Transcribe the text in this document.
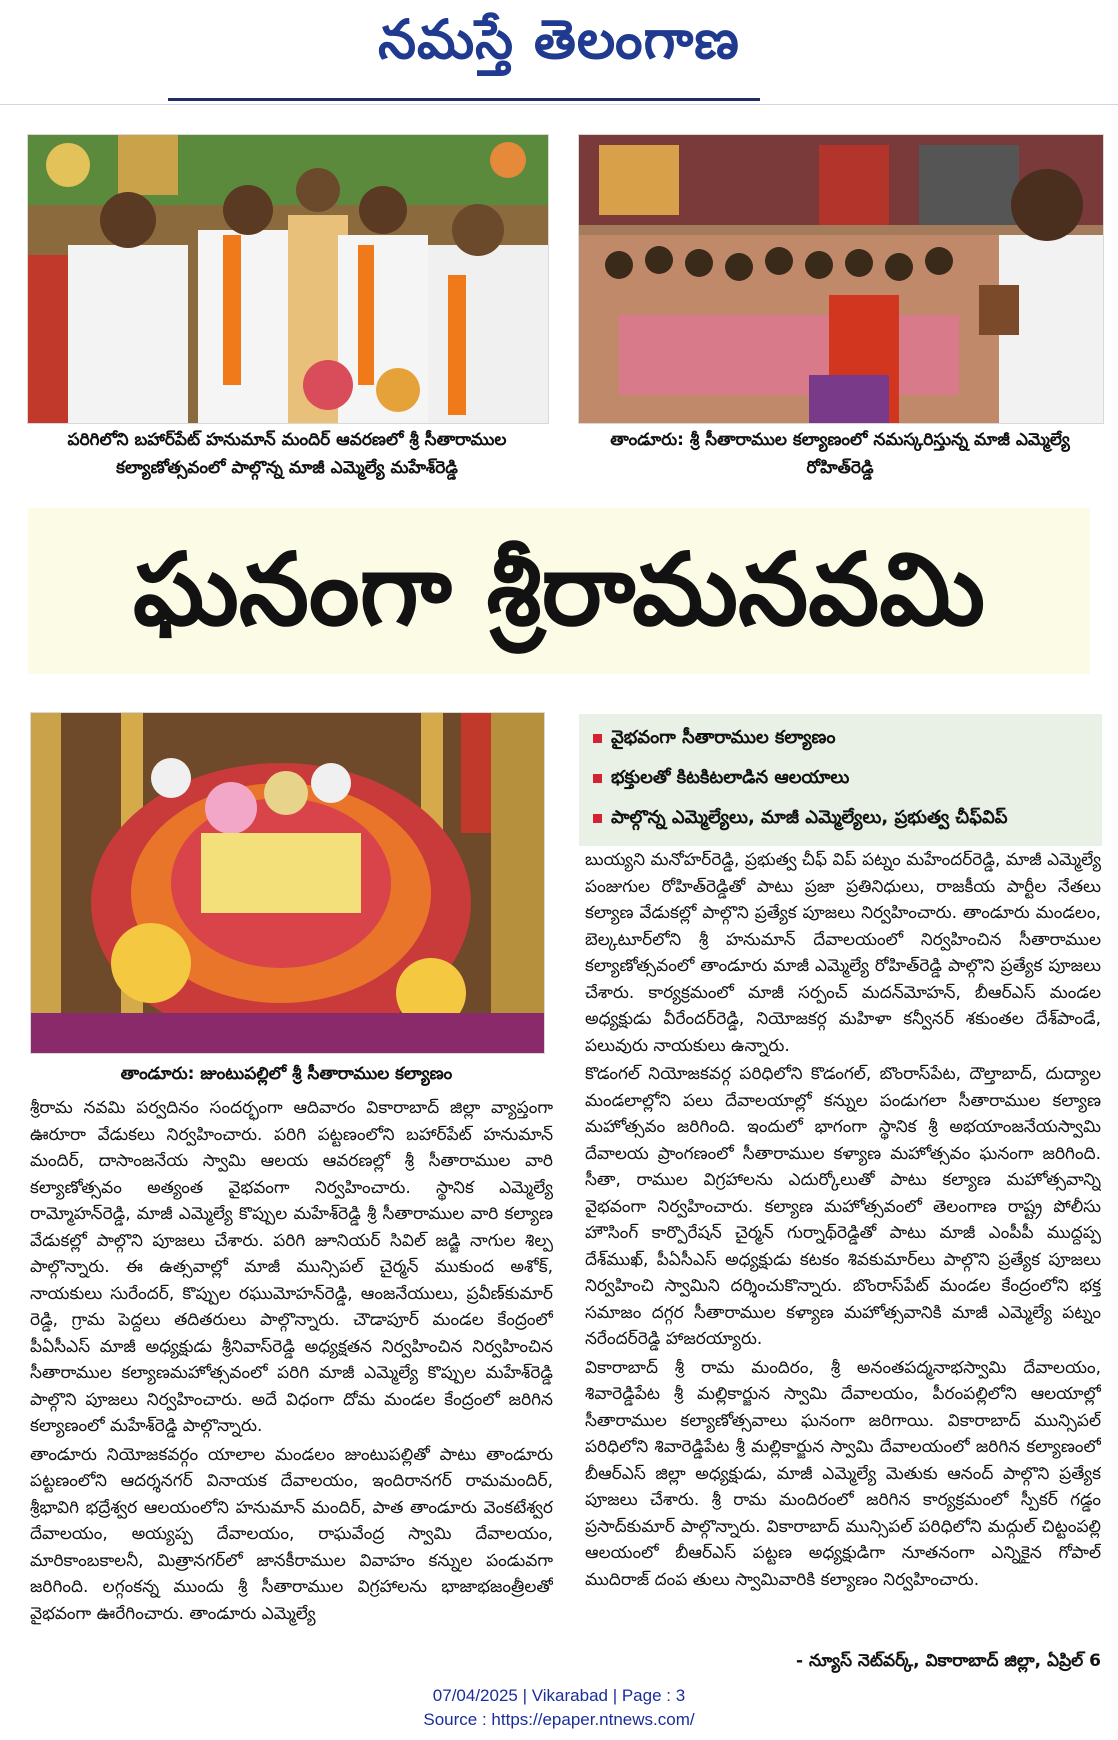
నమస్తే తెలంగాణ
పరిగిలోని బహార్‌పేట్ హనుమాన్ మందిర్ ఆవరణలో శ్రీ సీతారాముల కల్యాణోత్సవంలో పాల్గొన్న మాజీ ఎమ్మెల్యే మహేశ్‌రెడ్డి
తాండూరు: శ్రీ సీతారాముల కల్యాణంలో నమస్కరిస్తున్న మాజీ ఎమ్మెల్యే రోహిత్‌రెడ్డి
ఘనంగా శ్రీరామనవమి
తాండూరు: జుంటుపల్లిలో శ్రీ సీతారాముల కల్యాణం
వైభవంగా సీతారాముల కల్యాణం
భక్తులతో కిటకిటలాడిన ఆలయాలు
పాల్గొన్న ఎమ్మెల్యేలు, మాజీ ఎమ్మెల్యేలు, ప్రభుత్వ చీఫ్‌విప్

శ్రీరామ నవమి పర్వదినం సందర్భంగా ఆదివారం వికారాబాద్ జిల్లా వ్యాప్తంగా ఊరూరా వేడుకలు నిర్వహించారు. పరిగి పట్టణంలోని బహార్‌పేట్ హనుమాన్ మందిర్, దాసాంజనేయ స్వామి ఆలయ ఆవరణల్లో శ్రీ సీతారాముల వారి కల్యాణోత్సవం అత్యంత వైభవంగా నిర్వహించారు. స్థానిక ఎమ్మెల్యే రామ్మోహన్‌రెడ్డి, మాజీ ఎమ్మెల్యే కొప్పుల మహేశ్‌రెడ్డి శ్రీ సీతారాముల వారి కల్యాణ వేడుకల్లో పాల్గొని పూజలు చేశారు. పరిగి జూనియర్ సివిల్ జడ్జి నాగుల శిల్ప పాల్గొన్నారు. ఈ ఉత్సవాల్లో మాజీ మున్సిపల్ చైర్మన్ ముకుంద అశోక్, నాయకులు సురేందర్, కొప్పుల రఘుమోహన్‌రెడ్డి, ఆంజనేయులు, ప్రవీణ్‌కుమార్ రెడ్డి, గ్రామ పెద్దలు తదితరులు పాల్గొన్నారు. చౌడాపూర్ మండల కేంద్రంలో పీఏసీఎస్ మాజీ అధ్యక్షుడు శ్రీనివాస్‌రెడ్డి అధ్యక్షతన నిర్వహించిన నిర్వహించిన సీతారాముల కల్యాణమహోత్సవంలో పరిగి మాజీ ఎమ్మెల్యే కొప్పుల మహేశ్‌రెడ్డి పాల్గొని పూజలు నిర్వహించారు. అదే విధంగా దోమ మండల కేంద్రంలో జరిగిన కల్యాణంలో మహేశ్‌రెడ్డి పాల్గొన్నారు.

తాండూరు నియోజకవర్గం యాలాల మండలం జుంటుపల్లితో పాటు తాండూరు పట్టణంలోని ఆదర్శనగర్ వినాయక దేవాలయం, ఇందిరానగర్ రామమందిర్, శ్రీభావిగి భద్రేశ్వర ఆలయంలోని హనుమాన్ మందిర్, పాత తాండూరు వెంకటేశ్వర దేవాలయం, అయ్యప్ప దేవాలయం, రాఘవేంద్ర స్వామి దేవాలయం, మారికాంబకాలనీ, మిత్రానగర్‌లో జానకీరాముల వివాహం కన్నుల పండువగా జరిగింది. లగ్గంకన్న ముందు శ్రీ సీతారాముల విగ్రహాలను భాజాభజంత్రీలతో వైభవంగా ఊరేగించారు. తాండూరు ఎమ్మెల్యే

బుయ్యని మనోహర్‌రెడ్డి, ప్రభుత్వ చీఫ్ విప్ పట్నం మహేందర్‌రెడ్డి, మాజీ ఎమ్మెల్యే పంజుగుల రోహిత్‌రెడ్డితో పాటు ప్రజా ప్రతినిధులు, రాజకీయ పార్టీల నేతలు కల్యాణ వేడుకల్లో పాల్గొని ప్రత్యేక పూజలు నిర్వహించారు. తాండూరు మండలం, బెల్కటూర్‌లోని శ్రీ హనుమాన్ దేవాలయంలో నిర్వహించిన సీతారాముల కల్యాణోత్సవంలో తాండూరు మాజీ ఎమ్మెల్యే రోహిత్‌రెడ్డి పాల్గొని ప్రత్యేక పూజలు చేశారు. కార్యక్రమంలో మాజీ సర్పంచ్ మదన్‌మోహన్, బీఆర్‌ఎస్ మండల అధ్యక్షుడు వీరేందర్‌రెడ్డి, నియోజకర్గ మహిళా కన్వీనర్ శకుంతల దేశ్‌పాండే, పలువురు నాయకులు ఉన్నారు.

కొడంగల్ నియోజకవర్గ పరిధిలోని కొడంగల్, బొంరాస్‌పేట, దౌల్తాబాద్, దుద్యాల మండలాల్లోని పలు దేవాలయాల్లో కన్నుల పండుగలా సీతారాముల కల్యాణ మహోత్సవం జరిగింది. ఇందులో భాగంగా స్థానిక శ్రీ అభయాంజనేయస్వామి దేవాలయ ప్రాంగణంలో సీతారాముల కళ్యాణ మహోత్సవం ఘనంగా జరిగింది. సీతా, రాముల విగ్రహాలను ఎదుర్కోలుతో పాటు కల్యాణ మహోత్సవాన్ని వైభవంగా నిర్వహించారు. కల్యాణ మహోత్సవంలో తెలంగాణ రాష్ట్ర పోలీసు హౌసింగ్ కార్పొరేషన్ చైర్మన్ గుర్నాథ్‌రెడ్డితో పాటు మాజీ ఎంపీపీ ముద్దప్ప దేశ్‌ముఖ్, పీఏసీఎస్ అధ్యక్షుడు కటకం శివకుమార్‌లు పాల్గొని ప్రత్యేక పూజలు నిర్వహించి స్వామిని దర్శించుకొన్నారు. బొంరాస్‌పేట్ మండల కేంద్రంలోని భక్త సమాజం దగ్గర సీతారాముల కళ్యాణ మహోత్సవానికి మాజీ ఎమ్మెల్యే పట్నం నరేందర్‌రెడ్డి హాజరయ్యారు.

వికారాబాద్ శ్రీ రామ మందిరం, శ్రీ అనంతపద్మనాభస్వామి దేవాలయం, శివారెడ్డిపేట శ్రీ మల్లికార్జున స్వామి దేవాలయం, పీరంపల్లిలోని ఆలయాల్లో సీతారాముల కల్యాణోత్సవాలు ఘనంగా జరిగాయి. వికారాబాద్ మున్సిపల్ పరిధిలోని శివారెడ్డిపేట శ్రీ మల్లికార్జున స్వామి దేవాలయంలో జరిగిన కల్యాణంలో బీఆర్‌ఎస్ జిల్లా అధ్యక్షుడు, మాజీ ఎమ్మెల్యే మెతుకు ఆనంద్ పాల్గొని ప్రత్యేక పూజలు చేశారు. శ్రీ రామ మందిరంలో జరిగిన కార్యక్రమంలో స్పీకర్ గడ్డం ప్రసాద్‌కుమార్ పాల్గొన్నారు. వికారాబాద్ మున్సిపల్ పరిధిలోని మద్గుల్ చిట్టంపల్లి ఆలయంలో బీఆర్‌ఎస్ పట్టణ అధ్యక్షుడిగా నూతనంగా ఎన్నికైన గోపాల్ ముదిరాజ్ దంప తులు స్వామివారికి కల్యాణం నిర్వహించారు.

- న్యూస్ నెట్‌వర్క్, వికారాబాద్ జిల్లా, ఏప్రిల్ 6
07/04/2025 | Vikarabad | Page : 3
Source : https://epaper.ntnews.com/
